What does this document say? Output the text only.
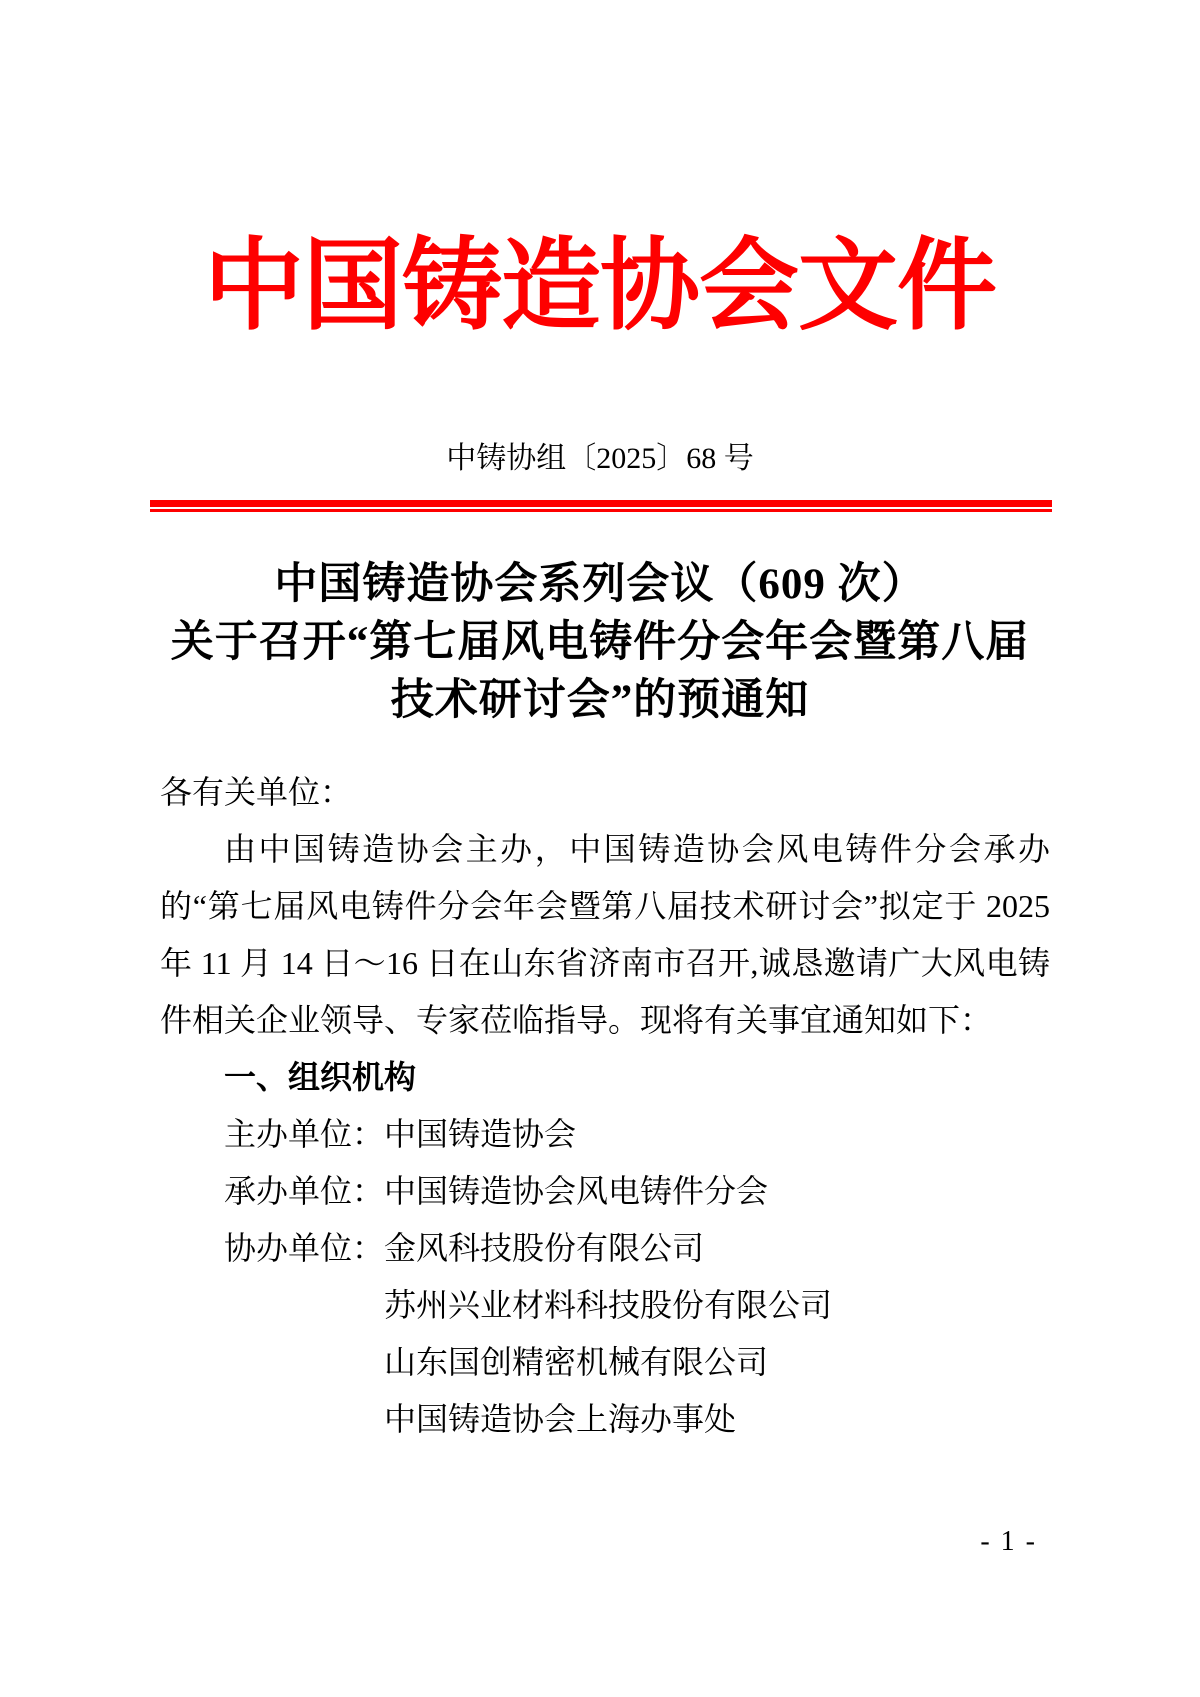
中国铸造协会文件
中铸协组〔2025〕68 号
中国铸造协会系列会议（609 次）
关于召开“第七届风电铸件分会年会暨第八届
技术研讨会”的预通知
各有关单位：

由中国铸造协会主办，中国铸造协会风电铸件分会承办的“第七届风电铸件分会年会暨第八届技术研讨会”拟定于 2025 年 11 月 14 日～16 日在山东省济南市召开,诚恳邀请广大风电铸件相关企业领导、专家莅临指导。现将有关事宜通知如下：

一、组织机构
主办单位：中国铸造协会
承办单位：中国铸造协会风电铸件分会
协办单位：金风科技股份有限公司
苏州兴业材料科技股份有限公司
山东国创精密机械有限公司
中国铸造协会上海办事处
- 1 -
